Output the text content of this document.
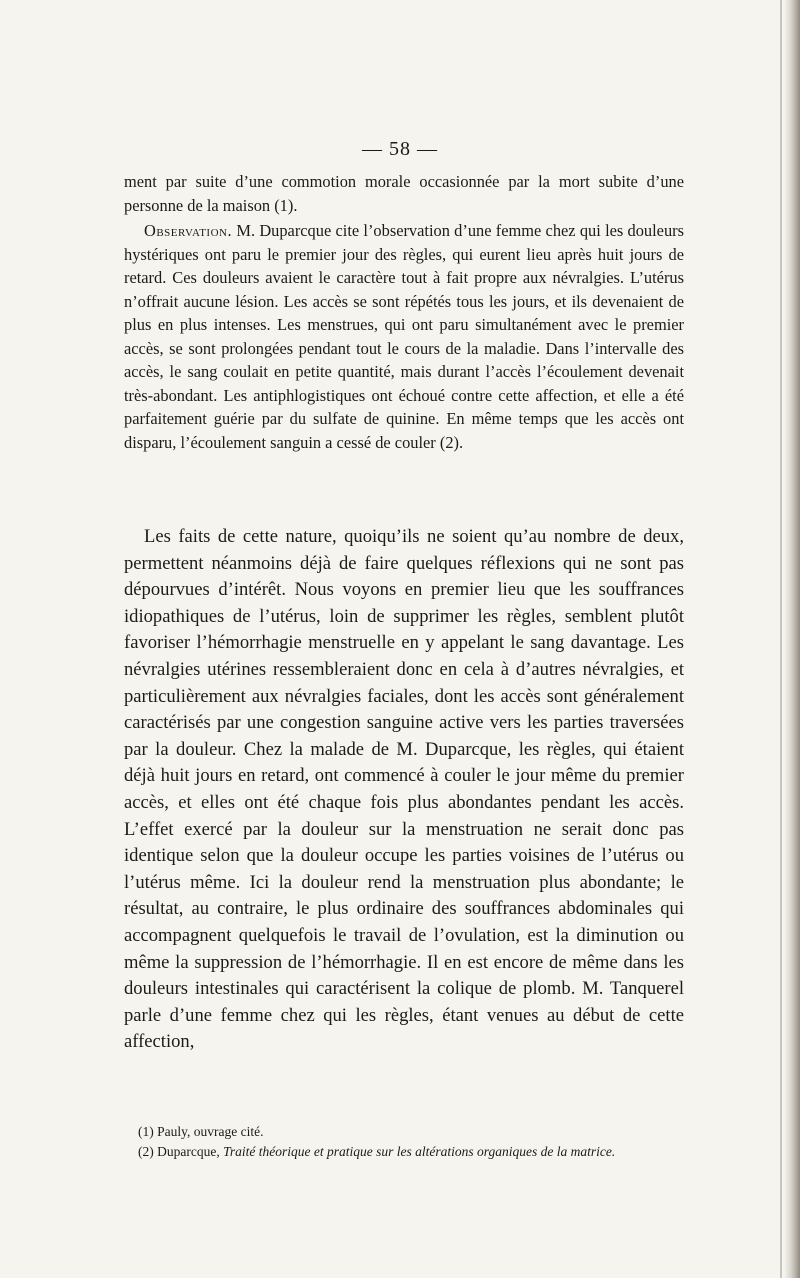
— 58 —

ment par suite d’une commotion morale occasionnée par la mort subite d’une personne de la maison (1).

Observation. M. Duparcque cite l’observation d’une femme chez qui les douleurs hystériques ont paru le premier jour des règles, qui eurent lieu après huit jours de retard. Ces douleurs avaient le caractère tout à fait propre aux névralgies. L’utérus n’offrait aucune lésion. Les accès se sont répétés tous les jours, et ils devenaient de plus en plus intenses. Les menstrues, qui ont paru simultanément avec le premier accès, se sont prolongées pendant tout le cours de la maladie. Dans l’intervalle des accès, le sang coulait en petite quantité, mais durant l’accès l’écoulement devenait très-abondant. Les antiphlogistiques ont échoué contre cette affection, et elle a été parfaitement guérie par du sulfate de quinine. En même temps que les accès ont disparu, l’écoulement sanguin a cessé de couler (2).

Les faits de cette nature, quoiqu’ils ne soient qu’au nombre de deux, permettent néanmoins déjà de faire quelques réflexions qui ne sont pas dépourvues d’intérêt. Nous voyons en premier lieu que les souffrances idiopathiques de l’utérus, loin de supprimer les règles, semblent plutôt favoriser l’hémorrhagie menstruelle en y appelant le sang davantage. Les névralgies utérines ressembleraient donc en cela à d’autres névralgies, et particulièrement aux névralgies faciales, dont les accès sont généralement caractérisés par une congestion sanguine active vers les parties traversées par la douleur. Chez la malade de M. Duparcque, les règles, qui étaient déjà huit jours en retard, ont commencé à couler le jour même du premier accès, et elles ont été chaque fois plus abondantes pendant les accès. L’effet exercé par la douleur sur la menstruation ne serait donc pas identique selon que la douleur occupe les parties voisines de l’utérus ou l’utérus même. Ici la douleur rend la menstruation plus abondante; le résultat, au contraire, le plus ordinaire des souffrances abdominales qui accompagnent quelquefois le travail de l’ovulation, est la diminution ou même la suppression de l’hémorrhagie. Il en est encore de même dans les douleurs intestinales qui caractérisent la colique de plomb. M. Tanquerel parle d’une femme chez qui les règles, étant venues au début de cette affection,

(1) Pauly, ouvrage cité.
(2) Duparcque, Traité théorique et pratique sur les altérations organiques de la matrice.
